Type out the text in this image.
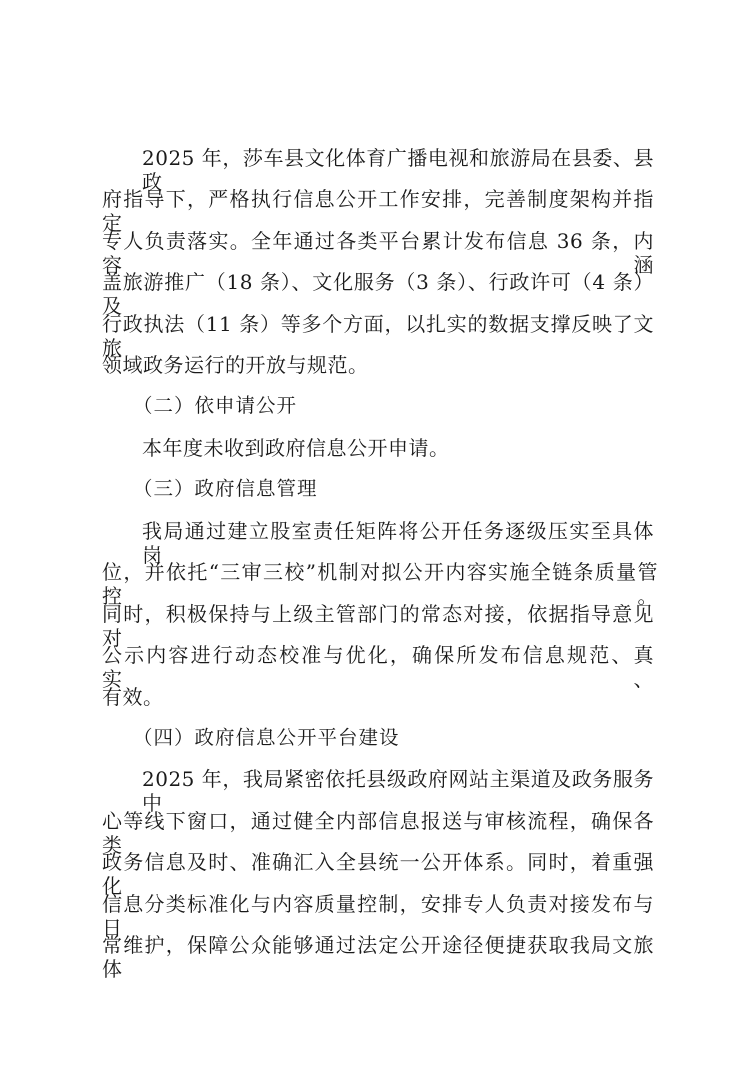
2025 年，莎车县文化体育广播电视和旅游局在县委、县政
府指导下，严格执行信息公开工作安排，完善制度架构并指定
专人负责落实。全年通过各类平台累计发布信息 36 条，内容涵
盖旅游推广（18 条）、文化服务（3 条）、行政许可（4 条）及
行政执法（11 条）等多个方面，以扎实的数据支撑反映了文旅
领域政务运行的开放与规范。
（二）依申请公开
本年度未收到政府信息公开申请。
（三）政府信息管理
我局通过建立股室责任矩阵将公开任务逐级压实至具体岗
位，并依托“三审三校”机制对拟公开内容实施全链条质量管控。
同时，积极保持与上级主管部门的常态对接，依据指导意见对
公示内容进行动态校准与优化，确保所发布信息规范、真实、
有效。
（四）政府信息公开平台建设
2025 年，我局紧密依托县级政府网站主渠道及政务服务中
心等线下窗口，通过健全内部信息报送与审核流程，确保各类
政务信息及时、准确汇入全县统一公开体系。同时，着重强化
信息分类标准化与内容质量控制，安排专人负责对接发布与日
常维护，保障公众能够通过法定公开途径便捷获取我局文旅体
